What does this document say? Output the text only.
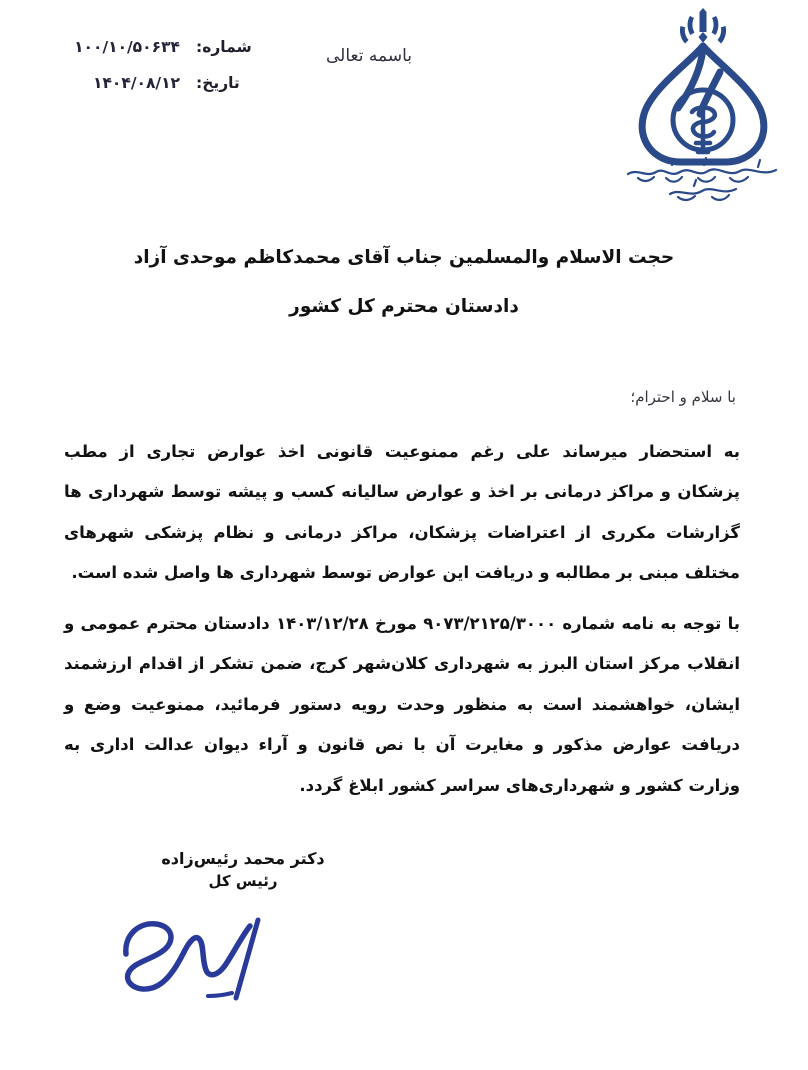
شماره:
۱۰۰/۱۰/۵۰۶۳۴
تاریخ:
۱۴۰۴/۰۸/۱۲
باسمه تعالی
حجت الاسلام والمسلمین جناب آقای محمدکاظم موحدی آزاد
دادستان محترم کل کشور
با سلام و احترام؛
به استحضار میرساند علی رغم ممنوعیت قانونی اخذ عوارض تجاری از مطب پزشکان و مراکز درمانی بر اخذ و عوارض سالیانه کسب و پیشه توسط شهرداری ها گزارشات مکرری از اعتراضات پزشکان، مراکز درمانی و نظام پزشکی شهرهای مختلف مبنی بر مطالبه و دریافت این عوارض توسط شهرداری ها واصل شده است.
با توجه به نامه شماره ۹۰۷۳/۲۱۲۵/۳۰۰۰ مورخ ۱۴۰۳/۱۲/۲۸ دادستان محترم عمومی و انقلاب مرکز استان البرز به شهرداری کلان‌شهر کرج، ضمن تشکر از اقدام ارزشمند ایشان، خواهشمند است به منظور وحدت رویه دستور فرمائید، ممنوعیت وضع و دریافت عوارض مذکور و مغایرت آن با نص قانون و آراء دیوان عدالت اداری به وزارت کشور و شهرداری‌های سراسر کشور ابلاغ گردد.
دکتر محمد رئیس‌زاده
رئیس کل
